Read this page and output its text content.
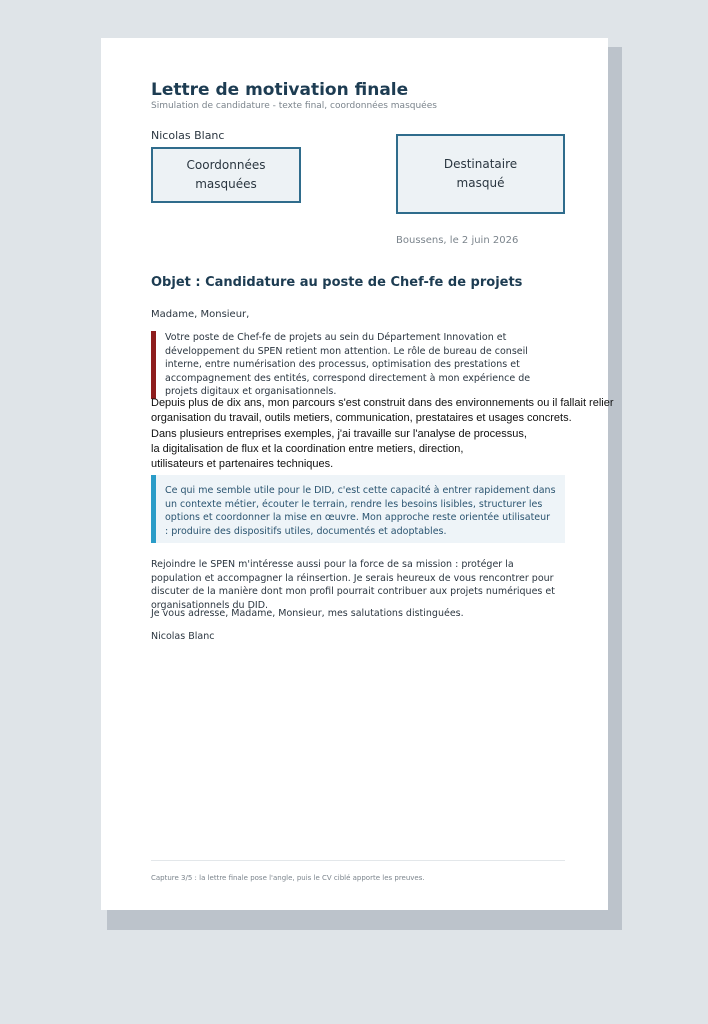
Lettre de motivation finale

Simulation de candidature - texte final, coordonnées masquées

Nicolas Blanc

Coordonnées
masquées
Destinataire
masqué

Boussens, le 2 juin 2026

Objet : Candidature au poste de Chef-fe de projets

Madame, Monsieur,

Votre poste de Chef-fe de projets au sein du Département Innovation et développement du SPEN retient mon attention. Le rôle de bureau de conseil interne, entre numérisation des processus, optimisation des prestations et accompagnement des entités, correspond directement à mon expérience de projets digitaux et organisationnels.

Depuis plus de dix ans, mon parcours s'est construit dans des environnements ou il fallait relier
organisation du travail, outils metiers, communication, prestataires et usages concrets.
Dans plusieurs entreprises exemples, j'ai travaille sur l'analyse de processus,
la digitalisation de flux et la coordination entre metiers, direction,
utilisateurs et partenaires techniques.

Ce qui me semble utile pour le DID, c'est cette capacité à entrer rapidement dans un contexte métier, écouter le terrain, rendre les besoins lisibles, structurer les options et coordonner la mise en œuvre. Mon approche reste orientée utilisateur : produire des dispositifs utiles, documentés et adoptables.

Rejoindre le SPEN m'intéresse aussi pour la force de sa mission : protéger la population et accompagner la réinsertion. Je serais heureux de vous rencontrer pour discuter de la manière dont mon profil pourrait contribuer aux projets numériques et organisationnels du DID.

Je vous adresse, Madame, Monsieur, mes salutations distinguées.

Nicolas Blanc

Capture 3/5 : la lettre finale pose l'angle, puis le CV ciblé apporte les preuves.
